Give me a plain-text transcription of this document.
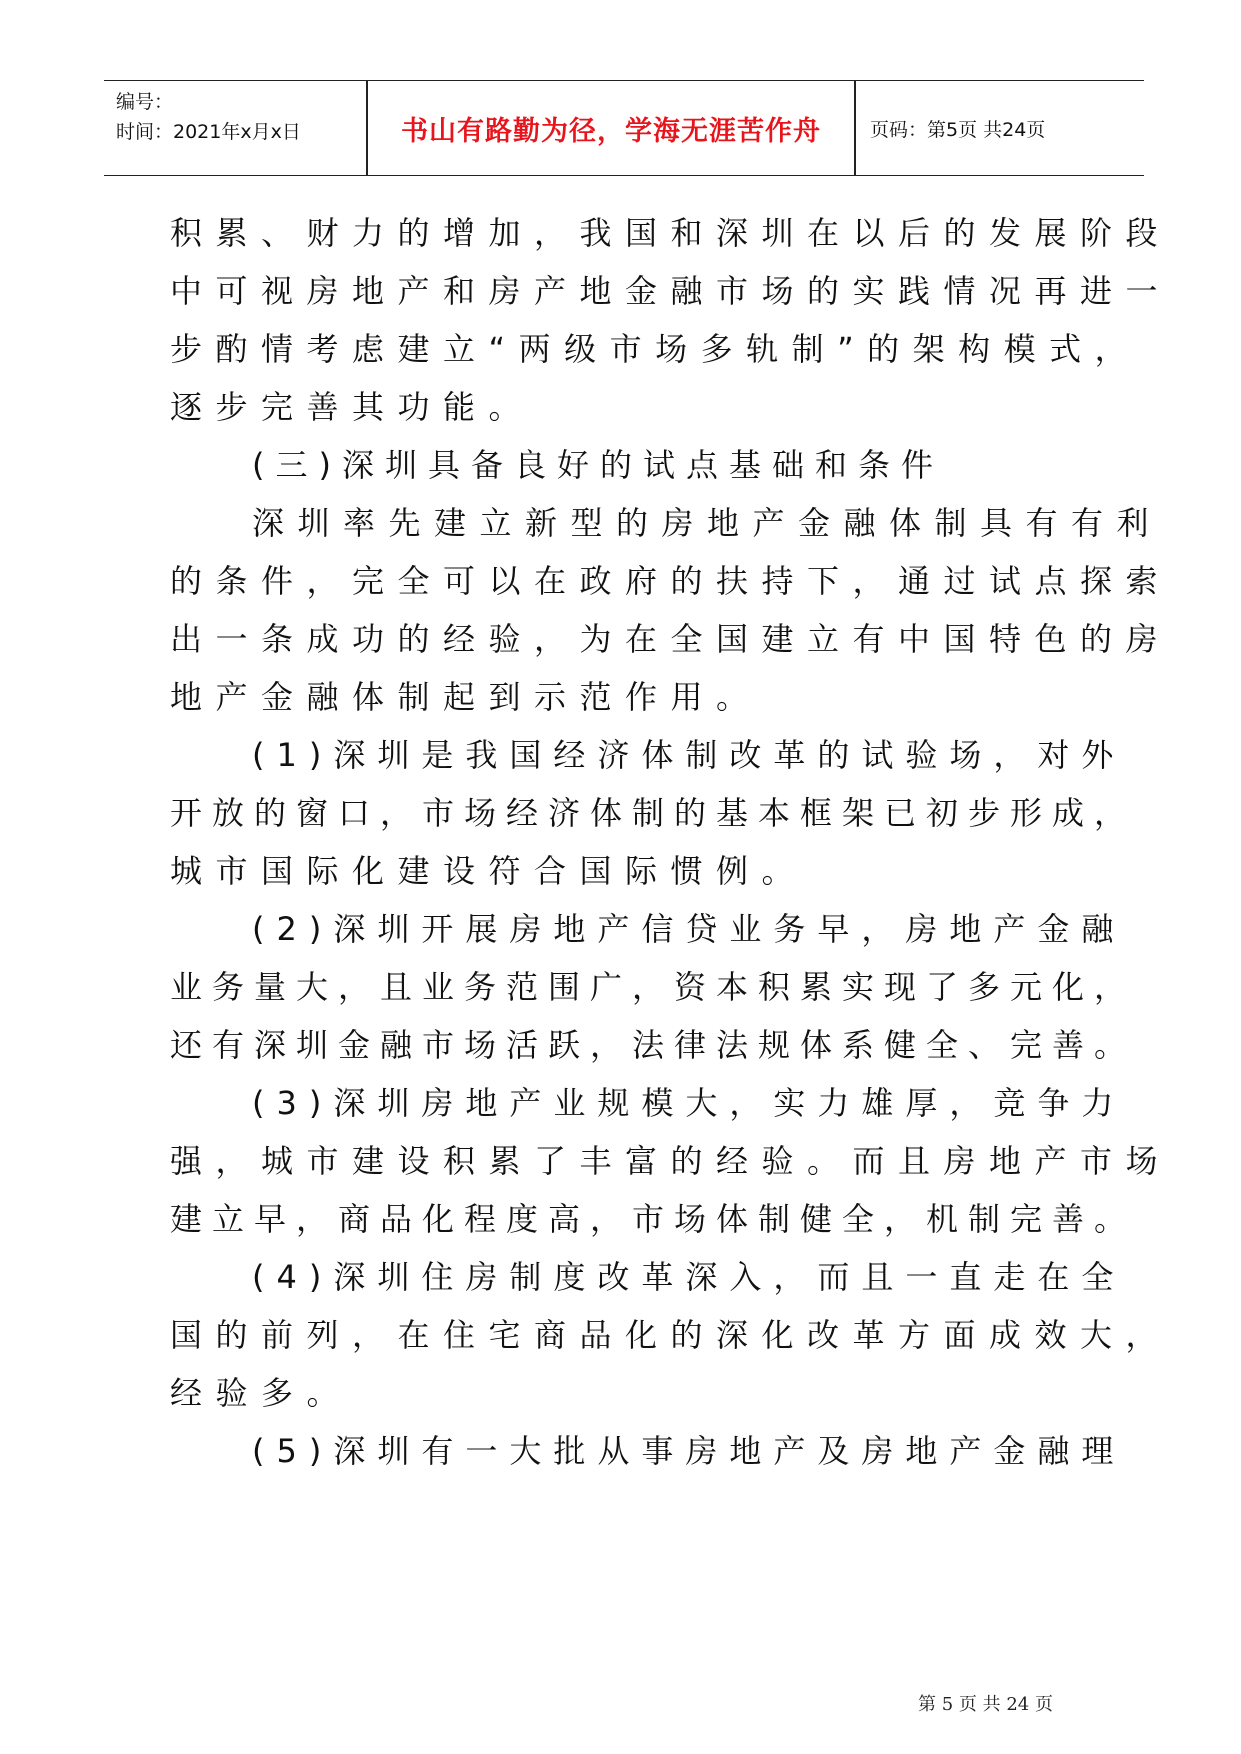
编号：
时间：2021年x月x日	书山有路勤为径，学海无涯苦作舟	页码：第5页 共24页
积累、财力的增加，我国和深圳在以后的发展阶段
中可视房地产和房产地金融市场的实践情况再进一
步酌情考虑建立“两级市场多轨制”的架构模式，
逐步完善其功能。
(三)深圳具备良好的试点基础和条件
深圳率先建立新型的房地产金融体制具有有利
的条件，完全可以在政府的扶持下，通过试点探索
出一条成功的经验，为在全国建立有中国特色的房
地产金融体制起到示范作用。
(1)深圳是我国经济体制改革的试验场，对外
开放的窗口，市场经济体制的基本框架已初步形成，
城市国际化建设符合国际惯例。
(2)深圳开展房地产信贷业务早，房地产金融
业务量大，且业务范围广，资本积累实现了多元化，
还有深圳金融市场活跃，法律法规体系健全、完善。
(3)深圳房地产业规模大，实力雄厚，竞争力
强，城市建设积累了丰富的经验。而且房地产市场
建立早，商品化程度高，市场体制健全，机制完善。
(4)深圳住房制度改革深入，而且一直走在全
国的前列，在住宅商品化的深化改革方面成效大，
经验多。
(5)深圳有一大批从事房地产及房地产金融理
第 5 页 共 24 页
